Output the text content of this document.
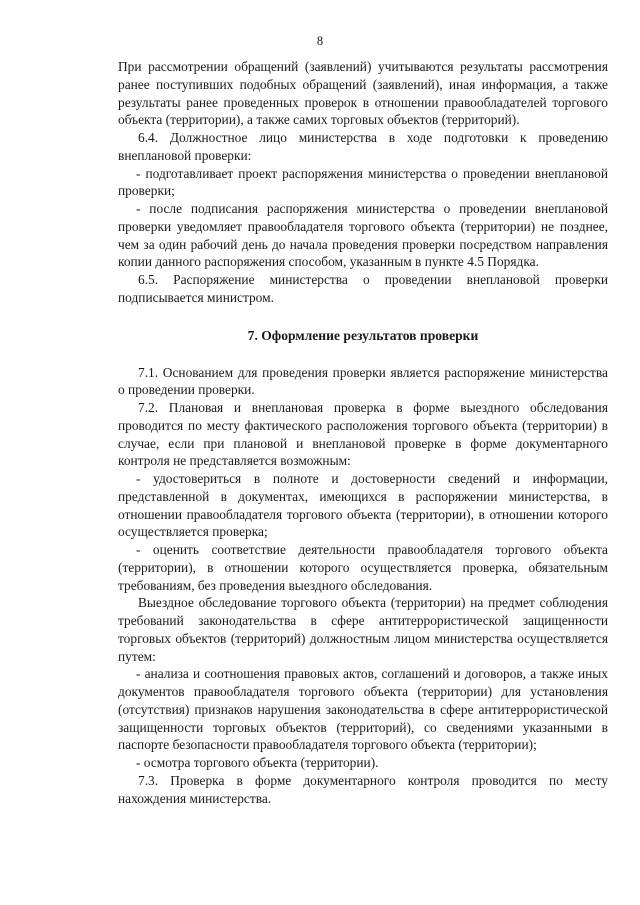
8

При рассмотрении обращений (заявлений) учитываются результаты рассмотрения ранее поступивших подобных обращений (заявлений), иная информация, а также результаты ранее проведенных проверок в отношении правообладателей торгового объекта (территории), а также самих торговых объектов (территорий).

6.4. Должностное лицо министерства в ходе подготовки к проведению внеплановой проверки:

- подготавливает проект распоряжения министерства о проведении внеплановой проверки;

- после подписания распоряжения министерства о проведении внеплановой проверки уведомляет правообладателя торгового объекта (территории) не позднее, чем за один рабочий день до начала проведения проверки посредством направления копии данного распоряжения способом, указанным в пункте 4.5 Порядка.

6.5. Распоряжение министерства о проведении внеплановой проверки подписывается министром.

7. Оформление результатов проверки

7.1. Основанием для проведения проверки является распоряжение министерства о проведении проверки.

7.2. Плановая и внеплановая проверка в форме выездного обследования проводится по месту фактического расположения торгового объекта (территории) в случае, если при плановой и внеплановой проверке в форме документарного контроля не представляется возможным:

- удостовериться в полноте и достоверности сведений и информации, представленной в документах, имеющихся в распоряжении министерства, в отношении правообладателя торгового объекта (территории), в отношении которого осуществляется проверка;

- оценить соответствие деятельности правообладателя торгового объекта (территории), в отношении которого осуществляется проверка, обязательным требованиям, без проведения выездного обследования.

Выездное обследование торгового объекта (территории) на предмет соблюдения требований законодательства в сфере антитеррористической защищенности торговых объектов (территорий) должностным лицом министерства осуществляется путем:

- анализа и соотношения правовых актов, соглашений и договоров, а также иных документов правообладателя торгового объекта (территории) для установления (отсутствия) признаков нарушения законодательства в сфере антитеррористической защищенности торговых объектов (территорий), со сведениями указанными в паспорте безопасности правообладателя торгового объекта (территории);

- осмотра торгового объекта (территории).

7.3. Проверка в форме документарного контроля проводится по месту нахождения министерства.
